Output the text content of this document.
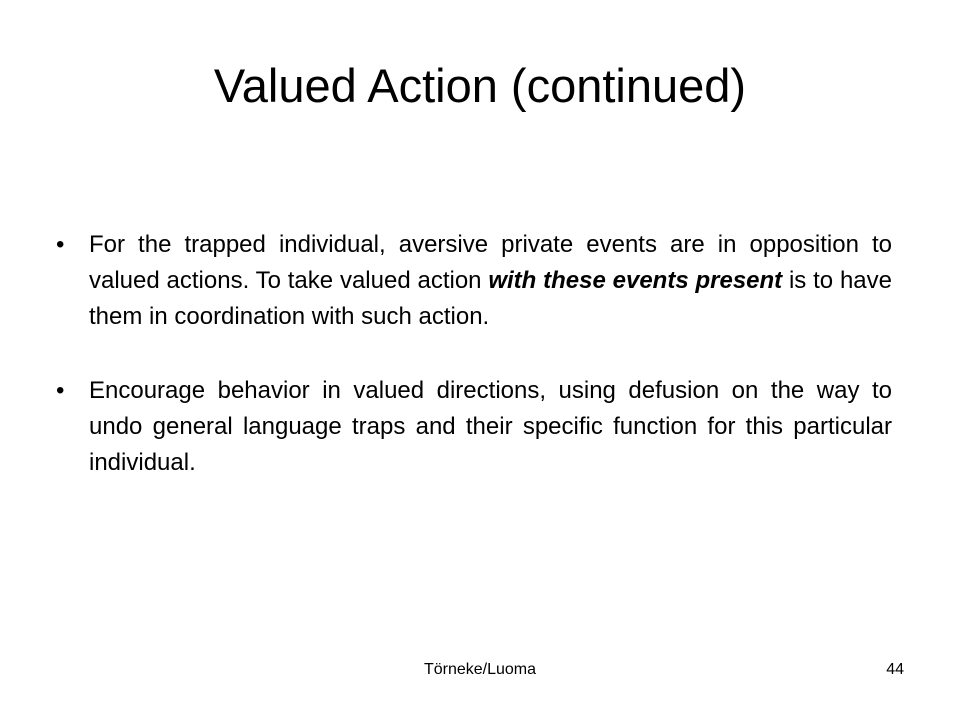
Valued Action (continued)
• For the trapped individual, aversive private events are in opposition to valued actions. To take valued action with these events present is to have them in coordination with such action.
• Encourage behavior in valued directions, using defusion on the way to undo general language traps and their specific function for this particular individual.
Törneke/Luoma	44
